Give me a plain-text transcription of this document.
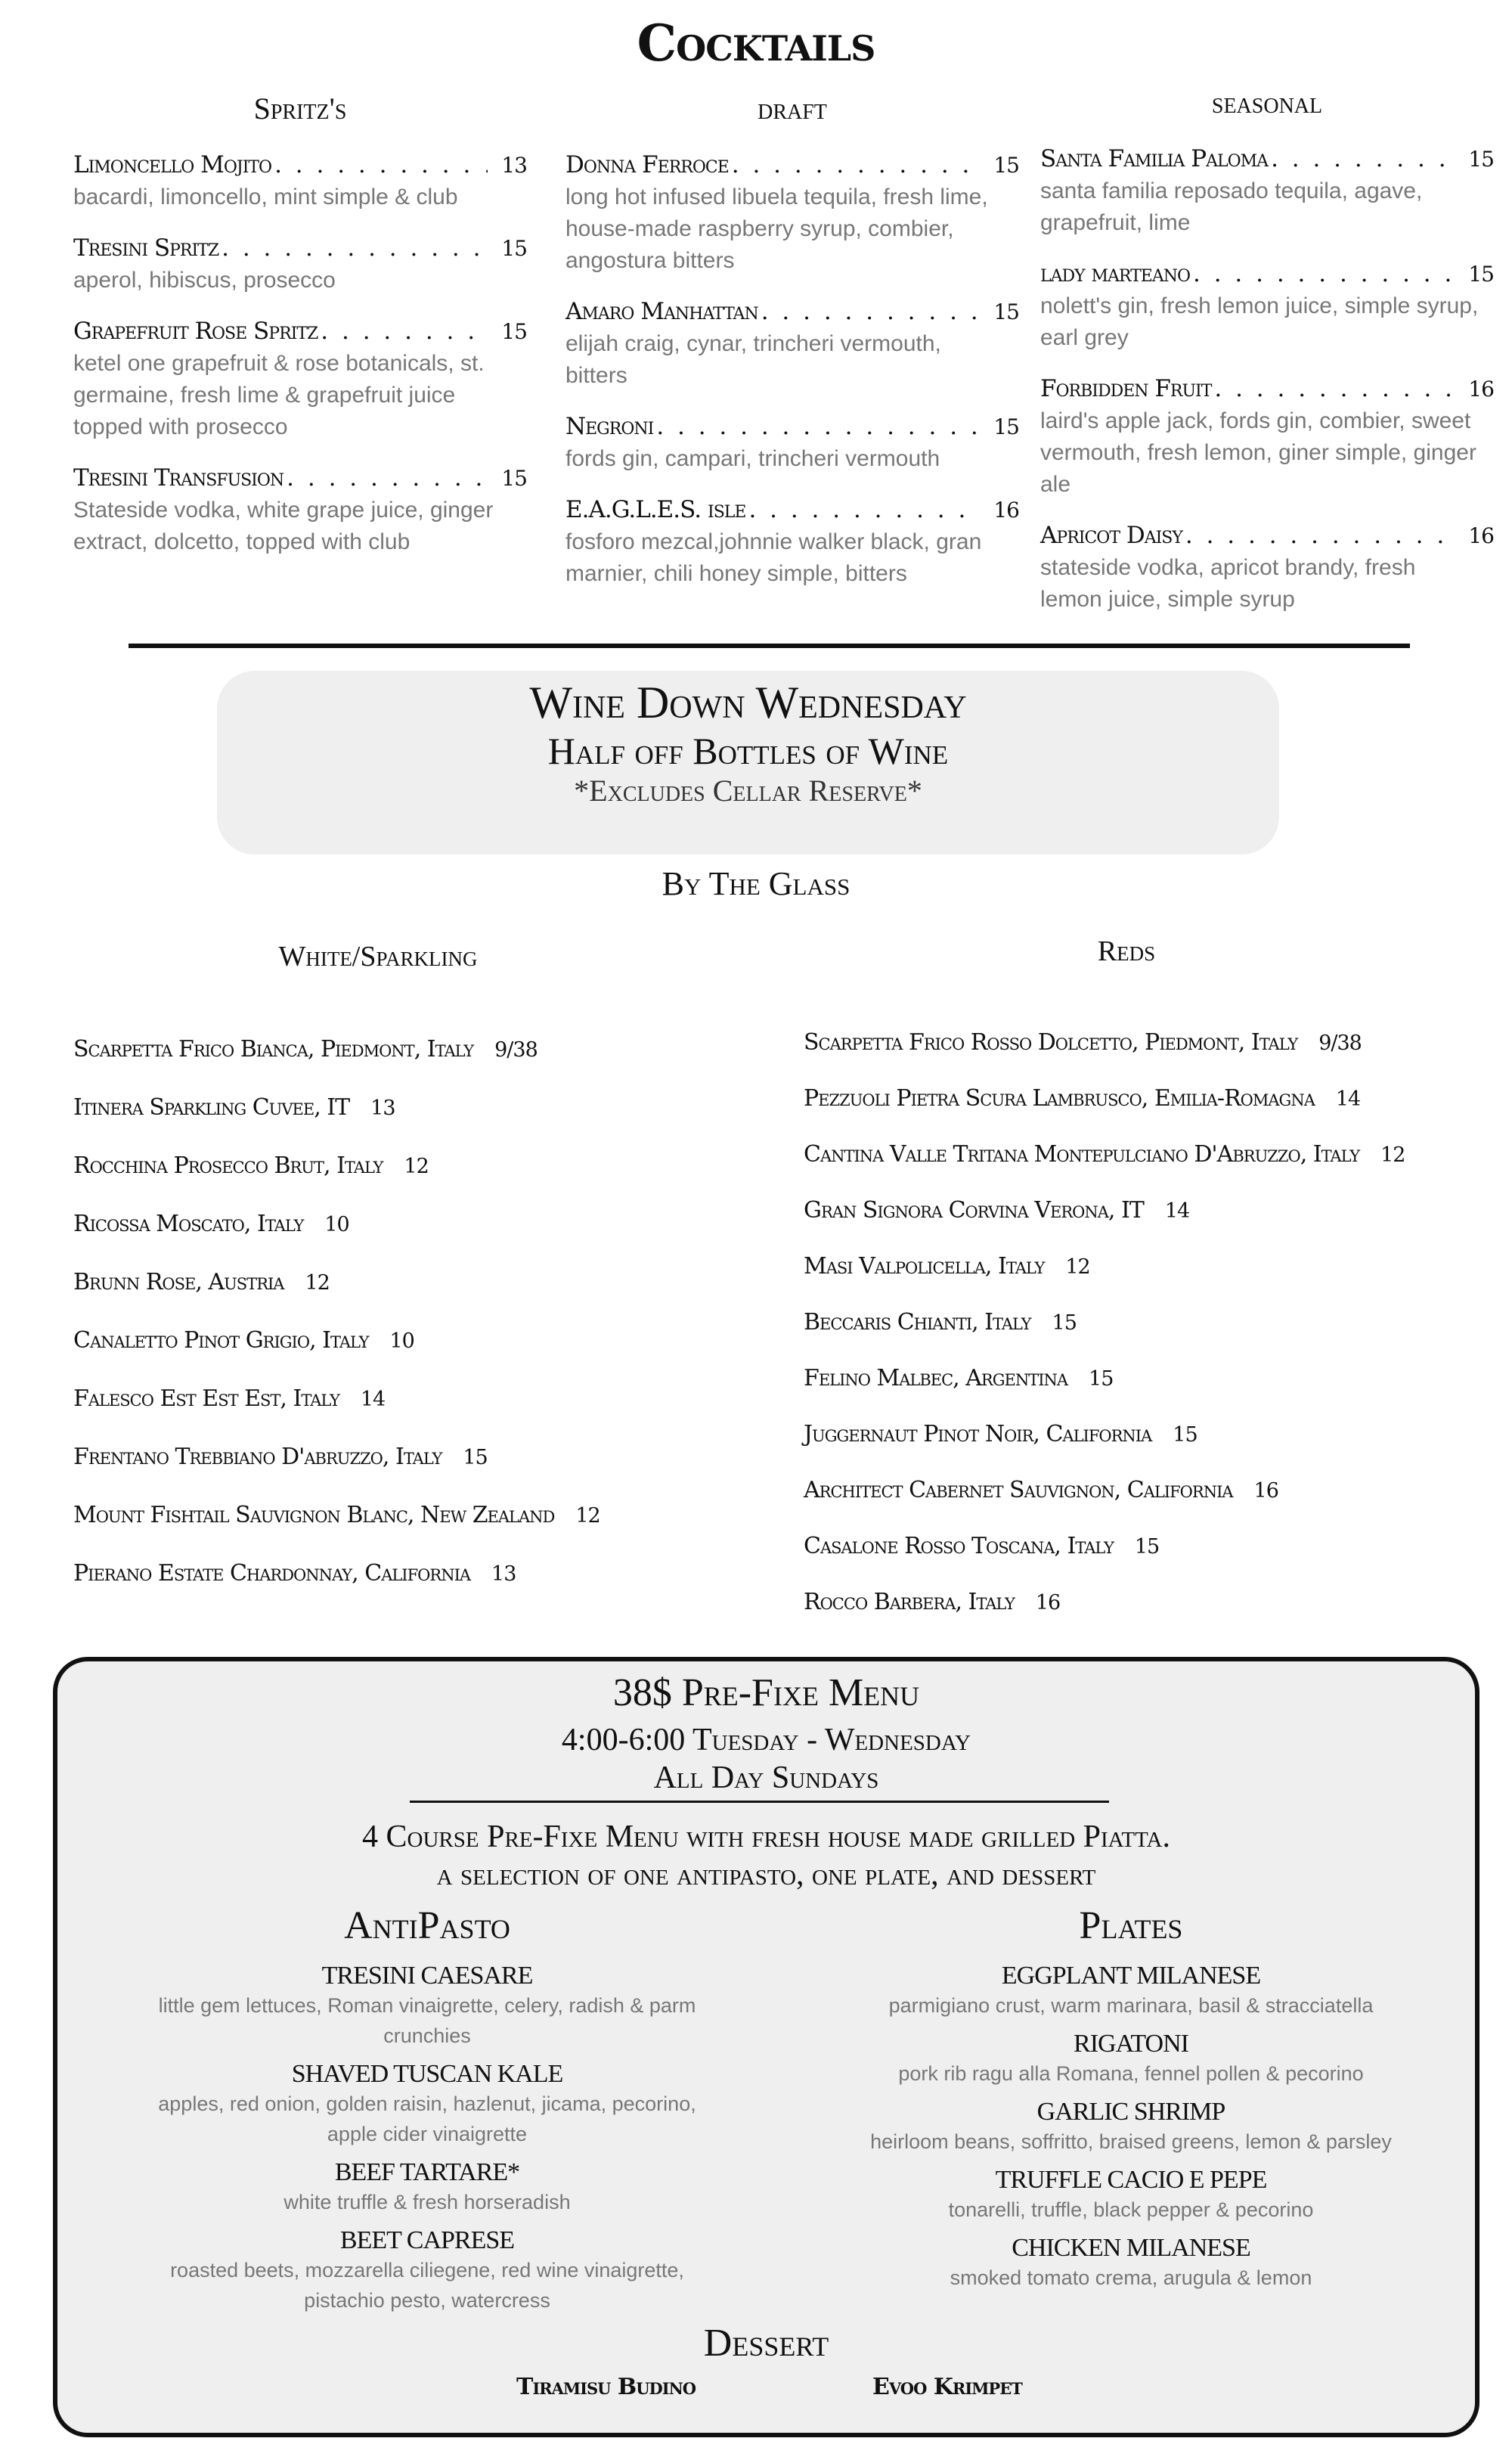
Cocktails
Spritz's
Limoncello Mojito . . .	13
bacardi, limoncello, mint simple & club
Tresini Spritz . . .	15
aperol, hibiscus, prosecco
Grapefruit Rose Spritz . . .	15
ketel one grapefruit & rose botanicals, st. germaine, fresh lime & grapefruit juice topped with prosecco
Tresini Transfusion . . .	15
Stateside vodka, white grape juice, ginger extract, dolcetto, topped with club
draft
Donna Ferroce . . .	15
long hot infused libuela tequila, fresh lime, house-made raspberry syrup, combier, angostura bitters
Amaro Manhattan . . .	15
elijah craig, cynar, trincheri vermouth, bitters
Negroni . . .	15
fords gin, campari, trincheri vermouth
E.A.G.L.E.S. isle . . .	16
fosforo mezcal,johnnie walker black, gran marnier, chili honey simple, bitters
seasonal
Santa Familia Paloma . . .	15
santa familia reposado tequila, agave, grapefruit, lime
lady marteano . . .	15
nolett's gin, fresh lemon juice, simple syrup, earl grey
Forbidden Fruit . . .	16
laird's apple jack, fords gin, combier, sweet vermouth, fresh lemon, giner simple, ginger ale
Apricot Daisy . . .	16
stateside vodka, apricot brandy, fresh lemon juice, simple syrup
Wine Down Wednesday
Half off Bottles of Wine
*Excludes Cellar Reserve*
By The Glass
White/Sparkling	Reds
Scarpetta Frico Bianca, Piedmont, Italy 9/38
Itinera Sparkling Cuvee, IT 13
Rocchina Prosecco Brut, Italy 12
Ricossa Moscato, Italy 10
Brunn Rose, Austria 12
Canaletto Pinot Grigio, Italy 10
Falesco Est Est Est, Italy 14
Frentano Trebbiano D'abruzzo, Italy 15
Mount Fishtail Sauvignon Blanc, New Zealand 12
Pierano Estate Chardonnay, California 13
Scarpetta Frico Rosso Dolcetto, Piedmont, Italy 9/38
Pezzuoli Pietra Scura Lambrusco, Emilia-Romagna 14
Cantina Valle Tritana Montepulciano D'Abruzzo, Italy 12
Gran Signora Corvina Verona, IT 14
Masi Valpolicella, Italy 12
Beccaris Chianti, Italy 15
Felino Malbec, Argentina 15
Juggernaut Pinot Noir, California 15
Architect Cabernet Sauvignon, California 16
Casalone Rosso Toscana, Italy 15
Rocco Barbera, Italy 16
38$ Pre-Fixe Menu
4:00-6:00 Tuesday - Wednesday
All Day Sundays
4 Course Pre-Fixe Menu with fresh house made grilled Piatta.
a selection of one antipasto, one plate, and dessert
AntiPasto
TRESINI CAESARE
little gem lettuces, Roman vinaigrette, celery, radish & parm crunchies
SHAVED TUSCAN KALE
apples, red onion, golden raisin, hazlenut, jicama, pecorino, apple cider vinaigrette
BEEF TARTARE*
white truffle & fresh horseradish
BEET CAPRESE
roasted beets, mozzarella ciliegene, red wine vinaigrette, pistachio pesto, watercress
Plates
EGGPLANT MILANESE
parmigiano crust, warm marinara, basil & stracciatella
RIGATONI
pork rib ragu alla Romana, fennel pollen & pecorino
GARLIC SHRIMP
heirloom beans, soffritto, braised greens, lemon & parsley
TRUFFLE CACIO E PEPE
tonarelli, truffle, black pepper & pecorino
CHICKEN MILANESE
smoked tomato crema, arugula & lemon
Dessert
Tiramisu Budino	Evoo Krimpet
